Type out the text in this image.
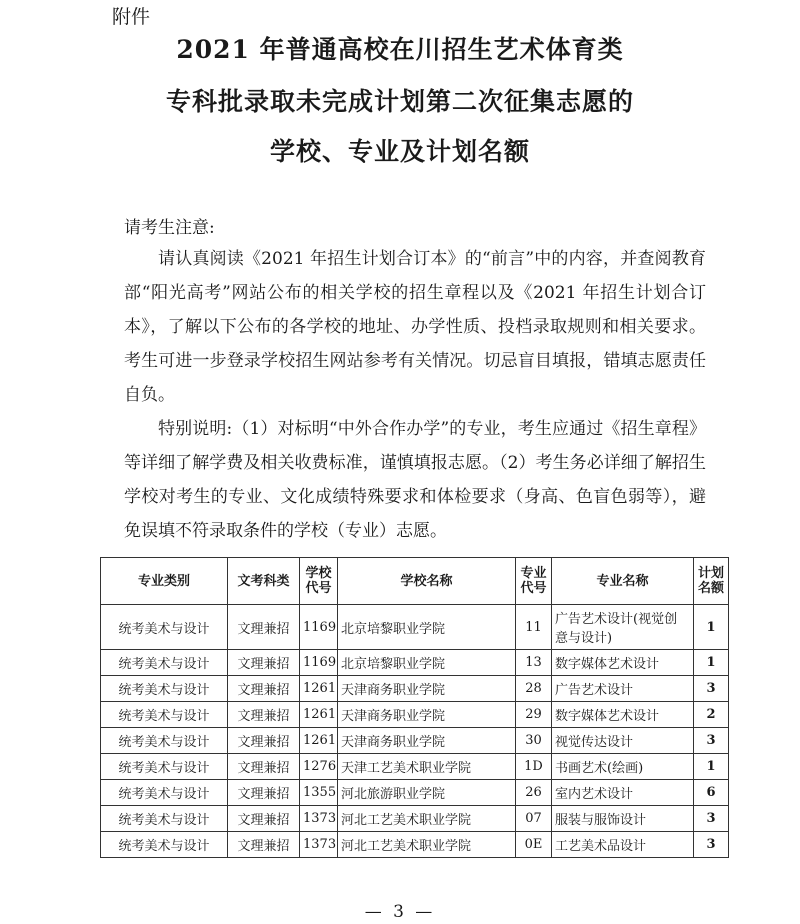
附件
2021 年普通高校在川招生艺术体育类
专科批录取未完成计划第二次征集志愿的
学校、专业及计划名额
请考生注意:

请认真阅读《2021 年招生计划合订本》的“前言”中的内容，并查阅教育部“阳光高考”网站公布的相关学校的招生章程以及《2021 年招生计划合订本》，了解以下公布的各学校的地址、办学性质、投档录取规则和相关要求。考生可进一步登录学校招生网站参考有关情况。切忌盲目填报，错填志愿责任自负。

特别说明:（1）对标明“中外合作办学”的专业，考生应通过《招生章程》等详细了解学费及相关收费标准，谨慎填报志愿。（2）考生务必详细了解招生学校对考生的专业、文化成绩特殊要求和体检要求（身高、色盲色弱等），避免误填不符录取条件的学校（专业）志愿。

专业类别	文考科类	学校代号	学校名称	专业代号	专业名称	计划名额
统考美术与设计	文理兼招	1169	北京培黎职业学院	11	广告艺术设计(视觉创意与设计)	1
统考美术与设计	文理兼招	1169	北京培黎职业学院	13	数字媒体艺术设计	1
统考美术与设计	文理兼招	1261	天津商务职业学院	28	广告艺术设计	3
统考美术与设计	文理兼招	1261	天津商务职业学院	29	数字媒体艺术设计	2
统考美术与设计	文理兼招	1261	天津商务职业学院	30	视觉传达设计	3
统考美术与设计	文理兼招	1276	天津工艺美术职业学院	1D	书画艺术(绘画)	1
统考美术与设计	文理兼招	1355	河北旅游职业学院	26	室内艺术设计	6
统考美术与设计	文理兼招	1373	河北工艺美术职业学院	07	服装与服饰设计	3
统考美术与设计	文理兼招	1373	河北工艺美术职业学院	0E	工艺美术品设计	3
— 3 —
